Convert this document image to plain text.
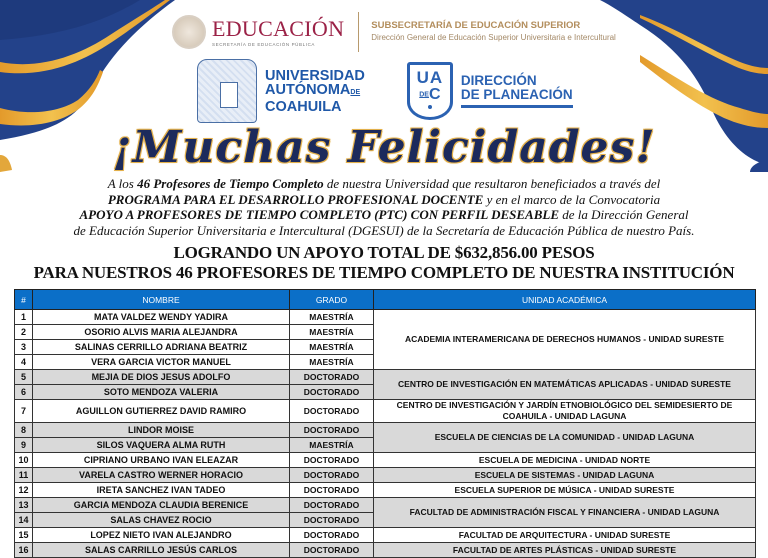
EDUCACIÓN
SECRETARÍA DE EDUCACIÓN PÚBLICA
SUBSECRETARÍA DE EDUCACIÓN SUPERIOR
Dirección General de Educación Superior Universitaria e Intercultural
UNIVERSIDAD
AUTÓNOMADE
COAHUILA
UA
DEC
DIRECCIÓN
DE PLANEACIÓN
¡Muchas Felicidades!
A los 46 Profesores de Tiempo Completo de nuestra Universidad que resultaron beneficiados a través del
PROGRAMA PARA EL DESARROLLO PROFESIONAL DOCENTE y en el marco de la Convocatoria
APOYO A PROFESORES DE TIEMPO COMPLETO (PTC) CON PERFIL DESEABLE de la Dirección General
de Educación Superior Universitaria e Intercultural (DGESUI) de la Secretaría de Educación Pública de nuestro País.
LOGRANDO UN APOYO TOTAL DE $632,856.00 PESOS
PARA NUESTROS 46 PROFESORES DE TIEMPO COMPLETO DE NUESTRA INSTITUCIÓN
#	NOMBRE	GRADO	UNIDAD ACADÉMICA
1	MATA VALDEZ WENDY YADIRA	MAESTRÍA	ACADEMIA INTERAMERICANA DE DERECHOS HUMANOS - UNIDAD SURESTE
2	OSORIO ALVIS MARIA ALEJANDRA	MAESTRÍA	
3	SALINAS CERRILLO ADRIANA BEATRIZ	MAESTRÍA	
4	VERA GARCIA VICTOR MANUEL	MAESTRÍA	
5	MEJIA DE DIOS JESUS ADOLFO	DOCTORADO	CENTRO DE INVESTIGACIÓN EN MATEMÁTICAS APLICADAS - UNIDAD SURESTE
6	SOTO MENDOZA VALERIA	DOCTORADO	
7	AGUILLON GUTIERREZ DAVID RAMIRO	DOCTORADO	CENTRO DE INVESTIGACIÓN Y JARDÍN ETNOBIOLÓGICO DEL SEMIDESIERTO DE COAHUILA - UNIDAD LAGUNA
8	LINDOR MOISE	DOCTORADO	ESCUELA DE CIENCIAS DE LA COMUNIDAD - UNIDAD LAGUNA
9	SILOS VAQUERA ALMA RUTH	MAESTRÍA	
10	CIPRIANO URBANO IVAN ELEAZAR	DOCTORADO	ESCUELA DE MEDICINA - UNIDAD NORTE
11	VARELA CASTRO WERNER HORACIO	DOCTORADO	ESCUELA DE SISTEMAS - UNIDAD LAGUNA
12	IRETA SANCHEZ IVAN TADEO	DOCTORADO	ESCUELA SUPERIOR DE MÚSICA - UNIDAD SURESTE
13	GARCIA MENDOZA CLAUDIA BERENICE	DOCTORADO	FACULTAD DE ADMINISTRACIÓN FISCAL Y FINANCIERA - UNIDAD LAGUNA
14	SALAS CHAVEZ ROCIO	DOCTORADO	
15	LOPEZ NIETO IVAN ALEJANDRO	DOCTORADO	FACULTAD DE ARQUITECTURA - UNIDAD SURESTE
16	SALAS CARRILLO JESÚS CARLOS	DOCTORADO	FACULTAD DE ARTES PLÁSTICAS - UNIDAD SURESTE
